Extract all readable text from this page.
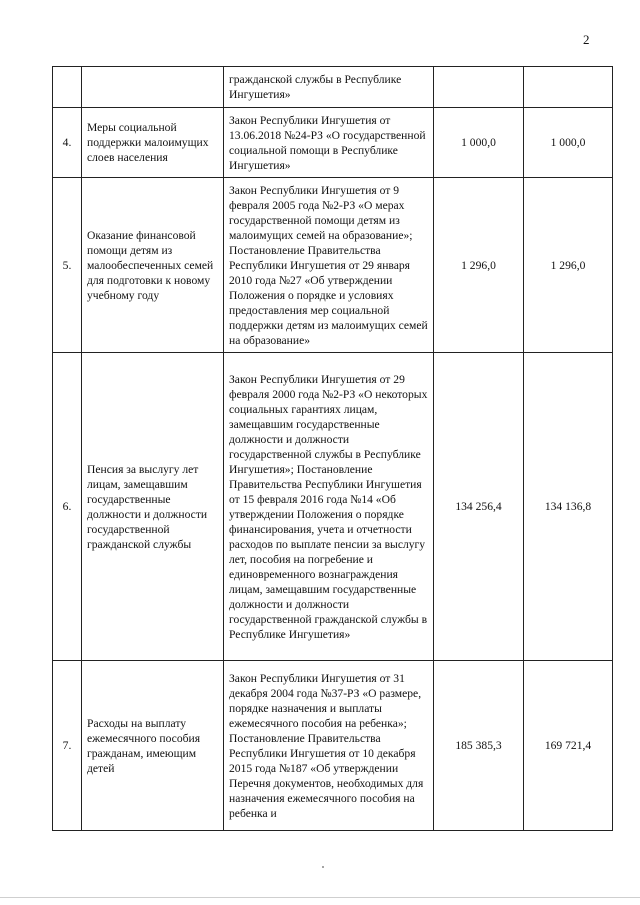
2
		гражданской службы в Республике Ингушетия»		
4.	Меры социальной поддержки малоимущих слоев населения	Закон Республики Ингушетия от 13.06.2018 №24-РЗ «О государственной социальной помощи в Республике Ингушетия»	1 000,0	1 000,0
5.	Оказание финансовой помощи детям из малообеспеченных семей для подготовки к новому учебному году	Закон Республики Ингушетия от 9 февраля 2005 года №2-РЗ «О мерах государственной помощи детям из малоимущих семей на образование»; Постановление Правительства Республики Ингушетия от 29 января 2010 года №27 «Об утверждении Положения о порядке и условиях предоставления мер социальной поддержки детям из малоимущих семей на образование»	1 296,0	1 296,0
6.	Пенсия за выслугу лет лицам, замещавшим государственные должности и должности государственной гражданской службы	Закон Республики Ингушетия от 29 февраля 2000 года №2-РЗ «О некоторых социальных гарантиях лицам, замещавшим государственные должности и должности государственной службы в Республике Ингушетия»; Постановление Правительства Республики Ингушетия от 15 февраля 2016 года №14 «Об утверждении Положения о порядке финансирования, учета и отчетности расходов по выплате пенсии за выслугу лет, пособия на погребение и единовременного вознаграждения лицам, замещавшим государственные должности и должности государственной гражданской службы в Республике Ингушетия»	134 256,4	134 136,8
7.	Расходы на выплату ежемесячного пособия гражданам, имеющим детей	Закон Республики Ингушетия от 31 декабря 2004 года №37-РЗ «О размере, порядке назначения и выплаты ежемесячного пособия на ребенка»; Постановление Правительства Республики Ингушетия от 10 декабря 2015 года №187 «Об утверждении Перечня документов, необходимых для назначения ежемесячного пособия на ребенка и	185 385,3	169 721,4
